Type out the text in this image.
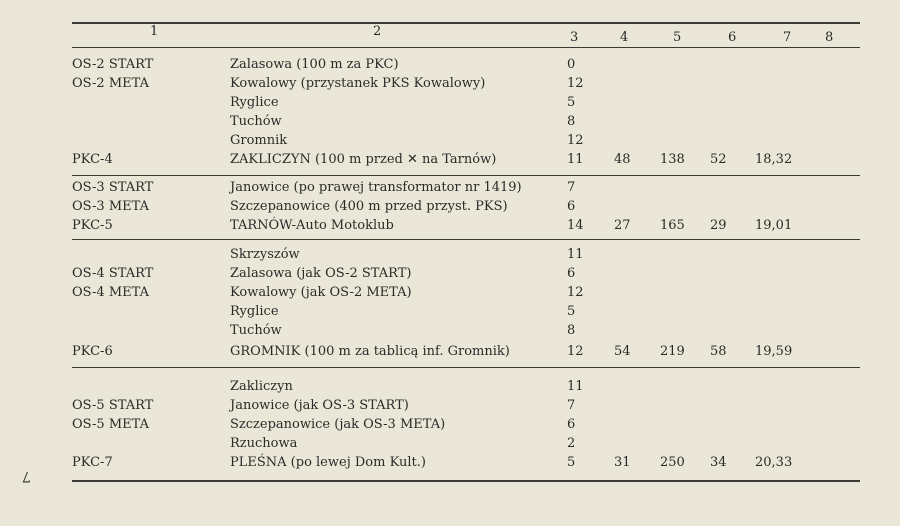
1	2	3	4	5	6	7	8
OS-2 START	Zalasowa (100 m za PKC)	0
OS-2 META	Kowalowy (przystanek PKS Kowalowy)	12
Ryglice	5
Tuchów	8
Gromnik	12
PKC-4	ZAKLICZYN (100 m przed ✕ na Tarnów)	11 48 138 52 18,32
OS-3 START	Janowice (po prawej transformator nr 1419)	7
OS-3 META	Szczepanowice (400 m przed przyst. PKS)	6
PKC-5	TARNÓW-Auto Motoklub	14 27 165 29 19,01
Skrzyszów	11
OS-4 START	Zalasowa (jak OS-2 START)	6
OS-4 META	Kowalowy (jak OS-2 META)	12
Ryglice	5
Tuchów	8
PKC-6	GROMNIK (100 m za tablicą inf. Gromnik)	12 54 219 58 19,59
Zakliczyn	11
OS-5 START	Janowice (jak OS-3 START)	7
OS-5 META	Szczepanowice (jak OS-3 META)	6
Rzuchowa	2
PKC-7	PLEŚNA (po lewej Dom Kult.)	5	31 250 34 20,33
7
